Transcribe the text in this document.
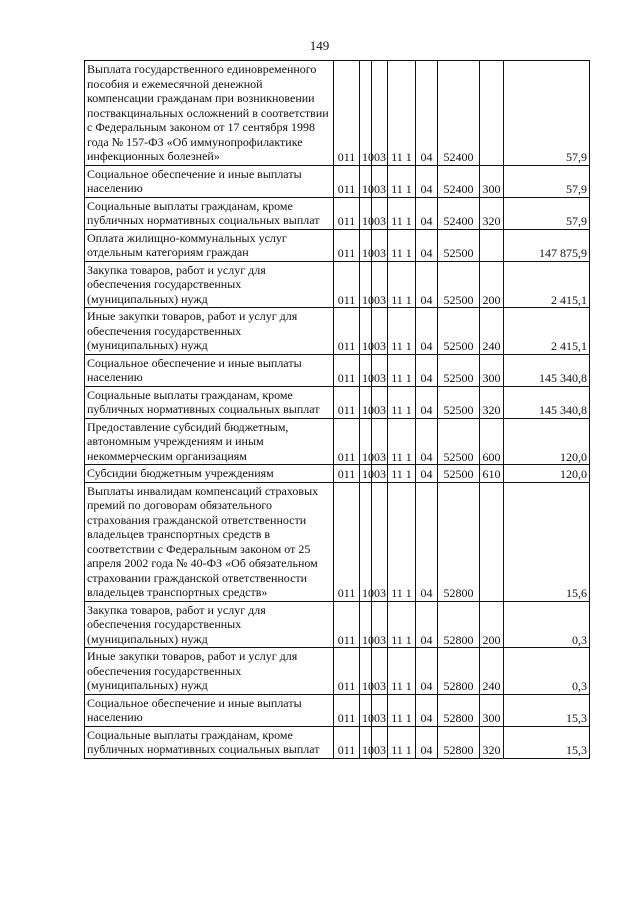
149
Выплата государственного единовременного пособия и ежемесячной денежной компенсации гражданам при возникновении поствакцинальных осложнений в соответствии с Федеральным законом от 17 сентября 1998 года № 157-ФЗ «Об иммунопрофилактике инфекционных болезней»	011	10	03	11 1	04	52400		57,9
Социальное обеспечение и иные выплаты населению	011	10	03	11 1	04	52400	300	57,9
Социальные выплаты гражданам, кроме публичных нормативных социальных выплат	011	10	03	11 1	04	52400	320	57,9
Оплата жилищно-коммунальных услуг отдельным категориям граждан	011	10	03	11 1	04	52500		147 875,9
Закупка товаров, работ и услуг для обеспечения государственных (муниципальных) нужд	011	10	03	11 1	04	52500	200	2 415,1
Иные закупки товаров, работ и услуг для обеспечения государственных (муниципальных) нужд	011	10	03	11 1	04	52500	240	2 415,1
Социальное обеспечение и иные выплаты населению	011	10	03	11 1	04	52500	300	145 340,8
Социальные выплаты гражданам, кроме публичных нормативных социальных выплат	011	10	03	11 1	04	52500	320	145 340,8
Предоставление субсидий бюджетным, автономным учреждениям и иным некоммерческим организациям	011	10	03	11 1	04	52500	600	120,0
Субсидии бюджетным учреждениям	011	10	03	11 1	04	52500	610	120,0
Выплаты инвалидам компенсаций страховых премий по договорам обязательного страхования гражданской ответственности владельцев транспортных средств в соответствии с Федеральным законом от 25 апреля 2002 года № 40-ФЗ «Об обязательном страховании гражданской ответственности владельцев транспортных средств»	011	10	03	11 1	04	52800		15,6
Закупка товаров, работ и услуг для обеспечения государственных (муниципальных) нужд	011	10	03	11 1	04	52800	200	0,3
Иные закупки товаров, работ и услуг для обеспечения государственных (муниципальных) нужд	011	10	03	11 1	04	52800	240	0,3
Социальное обеспечение и иные выплаты населению	011	10	03	11 1	04	52800	300	15,3
Социальные выплаты гражданам, кроме публичных нормативных социальных выплат	011	10	03	11 1	04	52800	320	15,3
